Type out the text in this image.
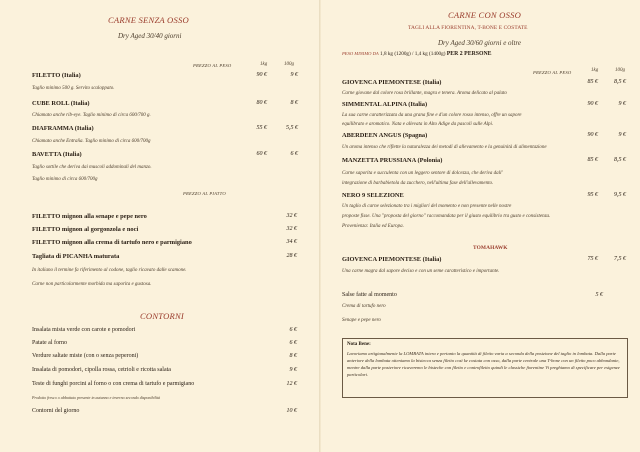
CARNE SENZA OSSO
Dry Aged 30/40 giorni
PREZZO AL PESO	1kg	100g
FILETTO (Italia)	90 €	9 €
Taglio minimo 500 g. Servito scaloppato.
CUBE ROLL (Italia)	80 €	8 €
Chiamato anche rib-eye. Taglio minimo di circa 600/700 g.
DIAFRAMMA (Italia)	55 €	5,5 €
Chiamato anche Entraña. Taglio minimo di circa 600/700g
BAVETTA (Italia)	60 €	6 €
Taglio sottile che deriva dai muscoli addominali del manzo.
Taglio minimo di circa 600/700g
PREZZO AL PIATTO
FILETTO mignon alla senape e pepe nero	32 €
FILETTO mignon al gorgonzola e noci	32 €
FILETTO mignon alla crema di tartufo nero e parmigiano	34 €
Tagliata di PICANHA maturata	28 €
In italiano il termine fa riferimento al codone, taglio ricavato dalle scamone.
Carne non particolarmente morbida ma saporita e gustosa.
CONTORNI
Insalata mista verde con carote e pomodori	6 €
Patate al forno	6 €
Verdure saltate miste (con o senza peperoni)	8 €
Insalata di pomodori, cipolla rossa, cetrioli e ricotta salata	9 €
Teste di funghi porcini al forno o con crema di tartufo e parmigiano	12 €
Prodotto fresco o abbattuto presente in autunno e inverno secondo disponibilità
Contorni del giorno	10 €
CARNE CON OSSO
TAGLI ALLA FIORENTINA, T-BONE E COSTATE
Dry Aged 30/60 giorni e oltre
PESO MINIMO DA 1,8 kg (1200g) / 1,4 kg (1400g) PER 2 PERSONE
PREZZO AL PESO	1kg	100g
GIOVENCA PIEMONTESE (Italia)	85 €	8,5 €
Carne giovane dal colore rosa brillante, magra e tenera. Aroma delicato al palato
SIMMENTAL ALPINA (Italia)	90 €	9 €
La sua carne caratterizzata da una grana fine e d'un colore rosso intenso, offre un sapore
equilibrato e aromatico. Nata e allevata in Alto Adige da pascoli sulle Alpi.
ABERDEEN ANGUS (Spagna)	90 €	9 €
Un aroma intenso che riflette la naturalezza dei metodi di allevamento e la genuinità di alimentazione
MANZETTA PRUSSIANA (Polonia)	85 €	8,5 €
Carne saporita e succulenta con un leggero sentore di dolcezza, che deriva dall'
integrazione di barbabietola da zucchero, nell'ultima fase dell'allevamento.
NERO 9 SELEZIONE	95 €	9,5 €
Un taglio di carne selezionato tra i migliori del momento e non presente nelle nostre
proposte fisse. Una "proposta del giorno" raccomandata per il giusto equilibrio tra gusto e consistenza.
Provenienza: Italia ed Europa.
TOMAHAWK
GIOVENCA PIEMONTESE (Italia)	75 €	7,5 €
Una carne magra dal sapore deciso e con un seme caratteristico e importante.
Salse fatte al momento	5 €
Crema di tartufo nero
Senape e pepe nero
Nota Bene:
Lavoriamo artigianalmente la LOMBATA intera e pertanto la quantità di filetto varia a seconda della posizione del taglio in lombata. Dalla parte anteriore della lombata otteniamo la bistecca senza filetto così ke costata con osso, dalla parte centrale una T-bone con un filetto poco abbondante, mentre dalla parte posteriore ricaveremo le bisteche con filetto e controfiletto quindi le classiche fiorentine Vi preghiamo di specificare per esigenze particolari.
